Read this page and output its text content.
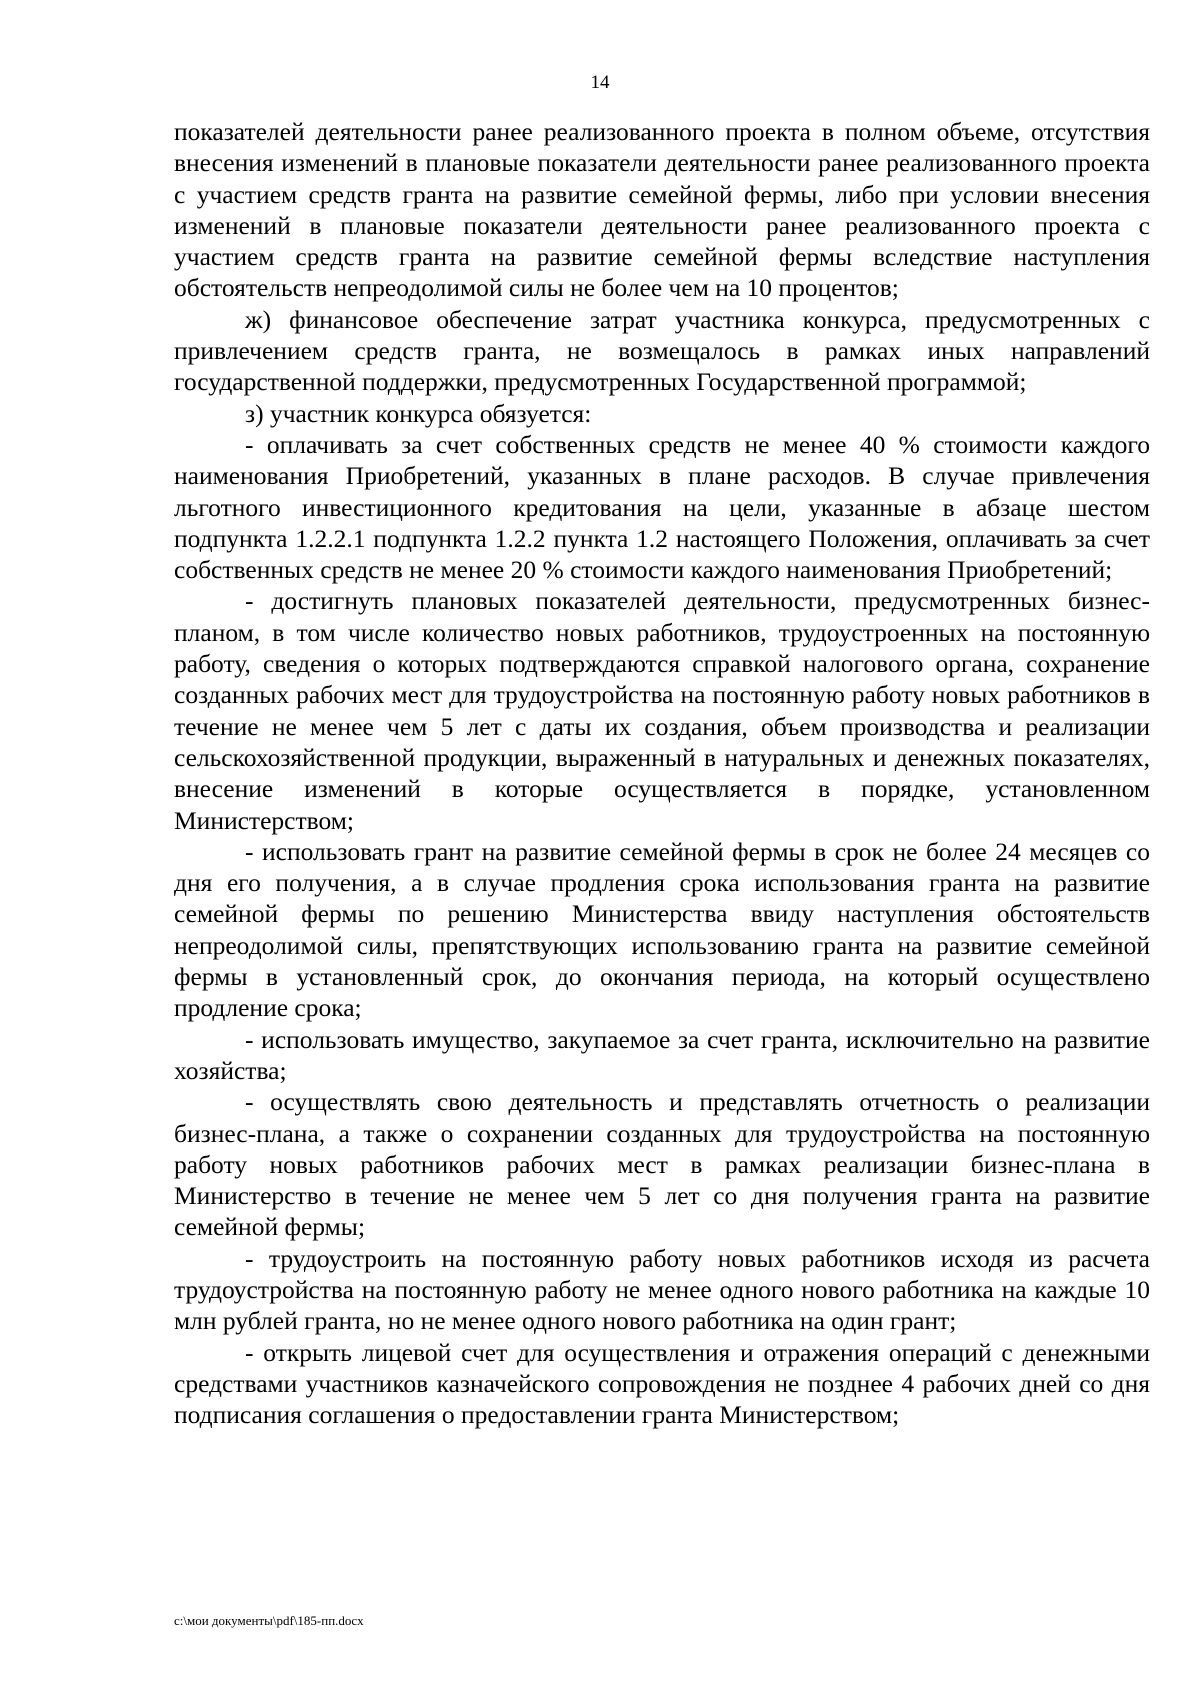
14

показателей деятельности ранее реализованного проекта в полном объеме, отсутствия внесения изменений в плановые показатели деятельности ранее реализованного проекта с участием средств гранта на развитие семейной фермы, либо при условии внесения изменений в плановые показатели деятельности ранее реализованного проекта с участием средств гранта на развитие семейной фермы вследствие наступления обстоятельств непреодолимой силы не более чем на 10 процентов;

ж) финансовое обеспечение затрат участника конкурса, предусмотренных с привлечением средств гранта, не возмещалось в рамках иных направлений государственной поддержки, предусмотренных Государственной программой;

з) участник конкурса обязуется:

- оплачивать за счет собственных средств не менее 40 % стоимости каждого наименования Приобретений, указанных в плане расходов. В случае привлечения льготного инвестиционного кредитования на цели, указанные в абзаце шестом подпункта 1.2.2.1 подпункта 1.2.2 пункта 1.2 настоящего Положения, оплачивать за счет собственных средств не менее 20 % стоимости каждого наименования Приобретений;

- достигнуть плановых показателей деятельности, предусмотренных бизнес-планом, в том числе количество новых работников, трудоустроенных на постоянную работу, сведения о которых подтверждаются справкой налогового органа, сохранение созданных рабочих мест для трудоустройства на постоянную работу новых работников в течение не менее чем 5 лет с даты их создания, объем производства и реализации сельскохозяйственной продукции, выраженный в натуральных и денежных показателях, внесение изменений в которые осуществляется в порядке, установленном Министерством;

- использовать грант на развитие семейной фермы в срок не более 24 месяцев со дня его получения, а в случае продления срока использования гранта на развитие семейной фермы по решению Министерства ввиду наступления обстоятельств непреодолимой силы, препятствующих использованию гранта на развитие семейной фермы в установленный срок, до окончания периода, на который осуществлено продление срока;

- использовать имущество, закупаемое за счет гранта, исключительно на развитие хозяйства;

- осуществлять свою деятельность и представлять отчетность о реализации бизнес-плана, а также о сохранении созданных для трудоустройства на постоянную работу новых работников рабочих мест в рамках реализации бизнес-плана в Министерство в течение не менее чем 5 лет со дня получения гранта на развитие семейной фермы;

- трудоустроить на постоянную работу новых работников исходя из расчета трудоустройства на постоянную работу не менее одного нового работника на каждые 10 млн рублей гранта, но не менее одного нового работника на один грант;

- открыть лицевой счет для осуществления и отражения операций с денежными средствами участников казначейского сопровождения не позднее 4 рабочих дней со дня подписания соглашения о предоставлении гранта Министерством;

c:\мои документы\pdf\185-пп.docx
